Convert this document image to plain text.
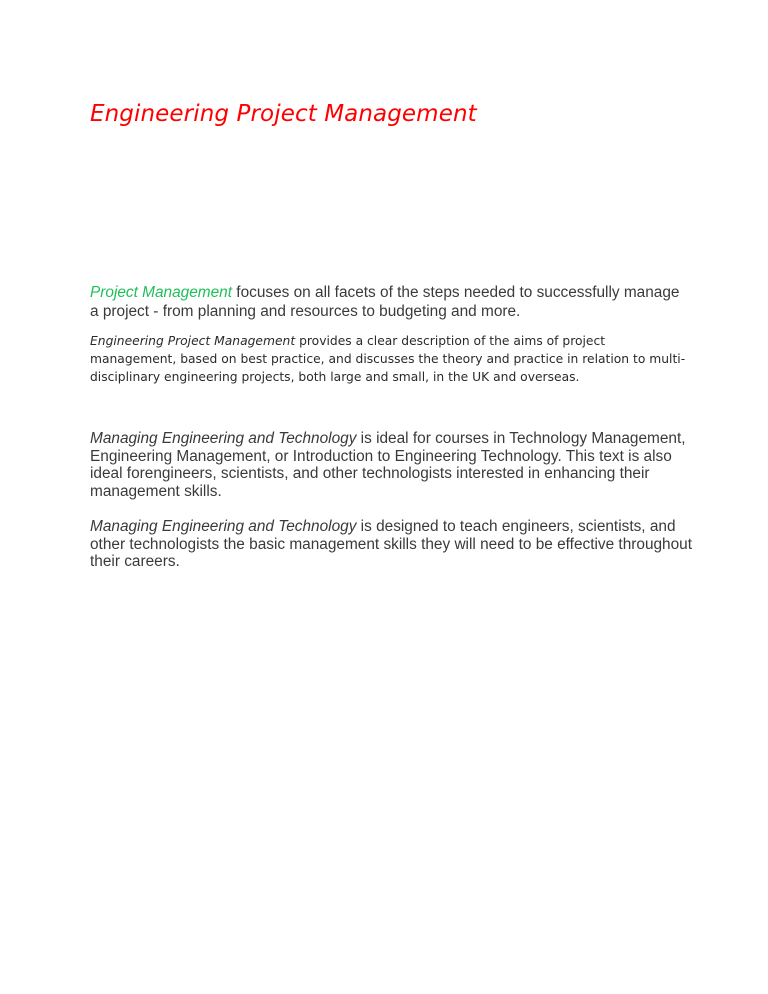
Engineering Project Management

Project Management focuses on all facets of the steps needed to successfully manage a project - from planning and resources to budgeting and more.

Engineering Project Management provides a clear description of the aims of project management, based on best practice, and discusses the theory and practice in relation to multi-disciplinary engineering projects, both large and small, in the UK and overseas.

Managing Engineering and Technology is ideal for courses in Technology Management, Engineering Management, or Introduction to Engineering Technology. This text is also ideal forengineers, scientists, and other technologists interested in enhancing their management skills.

Managing Engineering and Technology is designed to teach engineers, scientists, and other technologists the basic management skills they will need to be effective throughout their careers.
